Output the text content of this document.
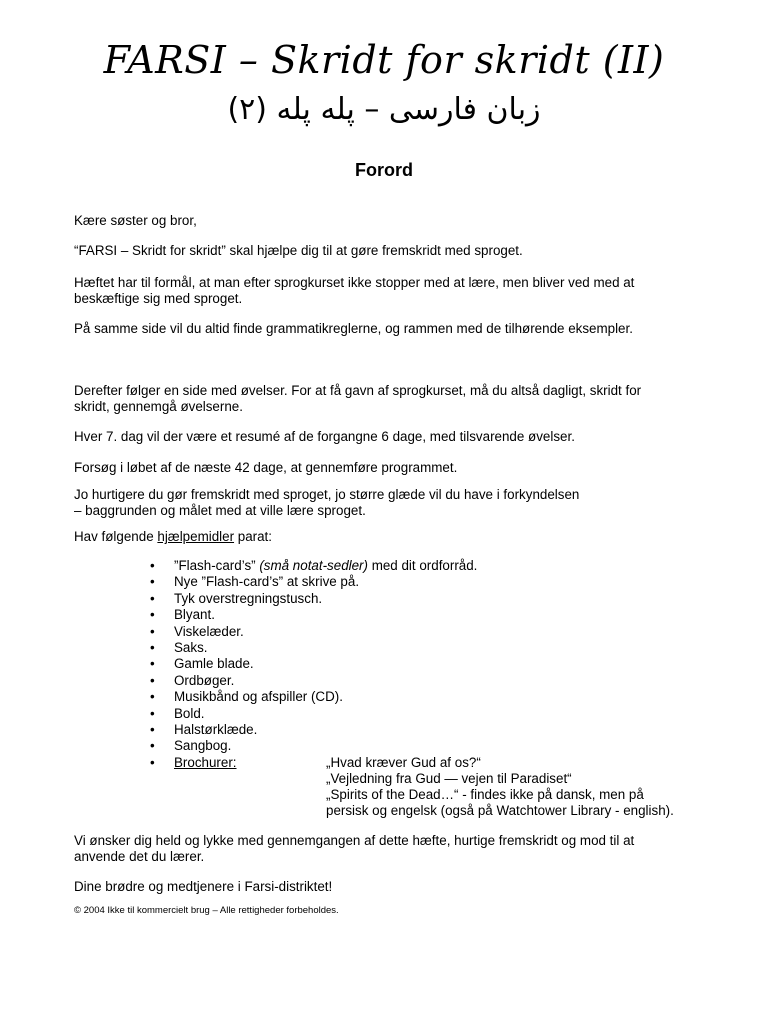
FARSI – Skridt for skridt (II)
زبان فارسی – پله پله (۲)
Forord
Kære søster og bror,
“FARSI – Skridt for skridt” skal hjælpe dig til at gøre fremskridt med sproget.
Hæftet har til formål, at man efter sprogkurset ikke stopper med at lære, men bliver ved med at
beskæftige sig med sproget.
På samme side vil du altid finde grammatikreglerne, og rammen med de tilhørende eksempler.
Derefter følger en side med øvelser. For at få gavn af sprogkurset, må du altså dagligt, skridt for
skridt, gennemgå øvelserne.
Hver 7. dag vil der være et resumé af de forgangne 6 dage, med tilsvarende øvelser.
Forsøg i løbet af de næste 42 dage, at gennemføre programmet.
Jo hurtigere du gør fremskridt med sproget, jo større glæde vil du have i forkyndelsen
– baggrunden og målet med at ville lære sproget.
Hav følgende hjælpemidler parat:
• ”Flash-card’s” (små notat-sedler) med dit ordforråd.
• Nye ”Flash-card’s” at skrive på.
• Tyk overstregningstusch.
• Blyant.
• Viskelæder.
• Saks.
• Gamle blade.
• Ordbøger.
• Musikbånd og afspiller (CD).
• Bold.
• Halstørklæde.
• Sangbog.
• Brochurer:	„Hvad kræver Gud af os?“
„Vejledning fra Gud — vejen til Paradiset“
„Spirits of the Dead…“ - findes ikke på dansk, men på
persisk og engelsk (også på Watchtower Library - english).
Vi ønsker dig held og lykke med gennemgangen af dette hæfte, hurtige fremskridt og mod til at
anvende det du lærer.
Dine brødre og medtjenere i Farsi-distriktet!
© 2004 Ikke til kommercielt brug – Alle rettigheder forbeholdes.
